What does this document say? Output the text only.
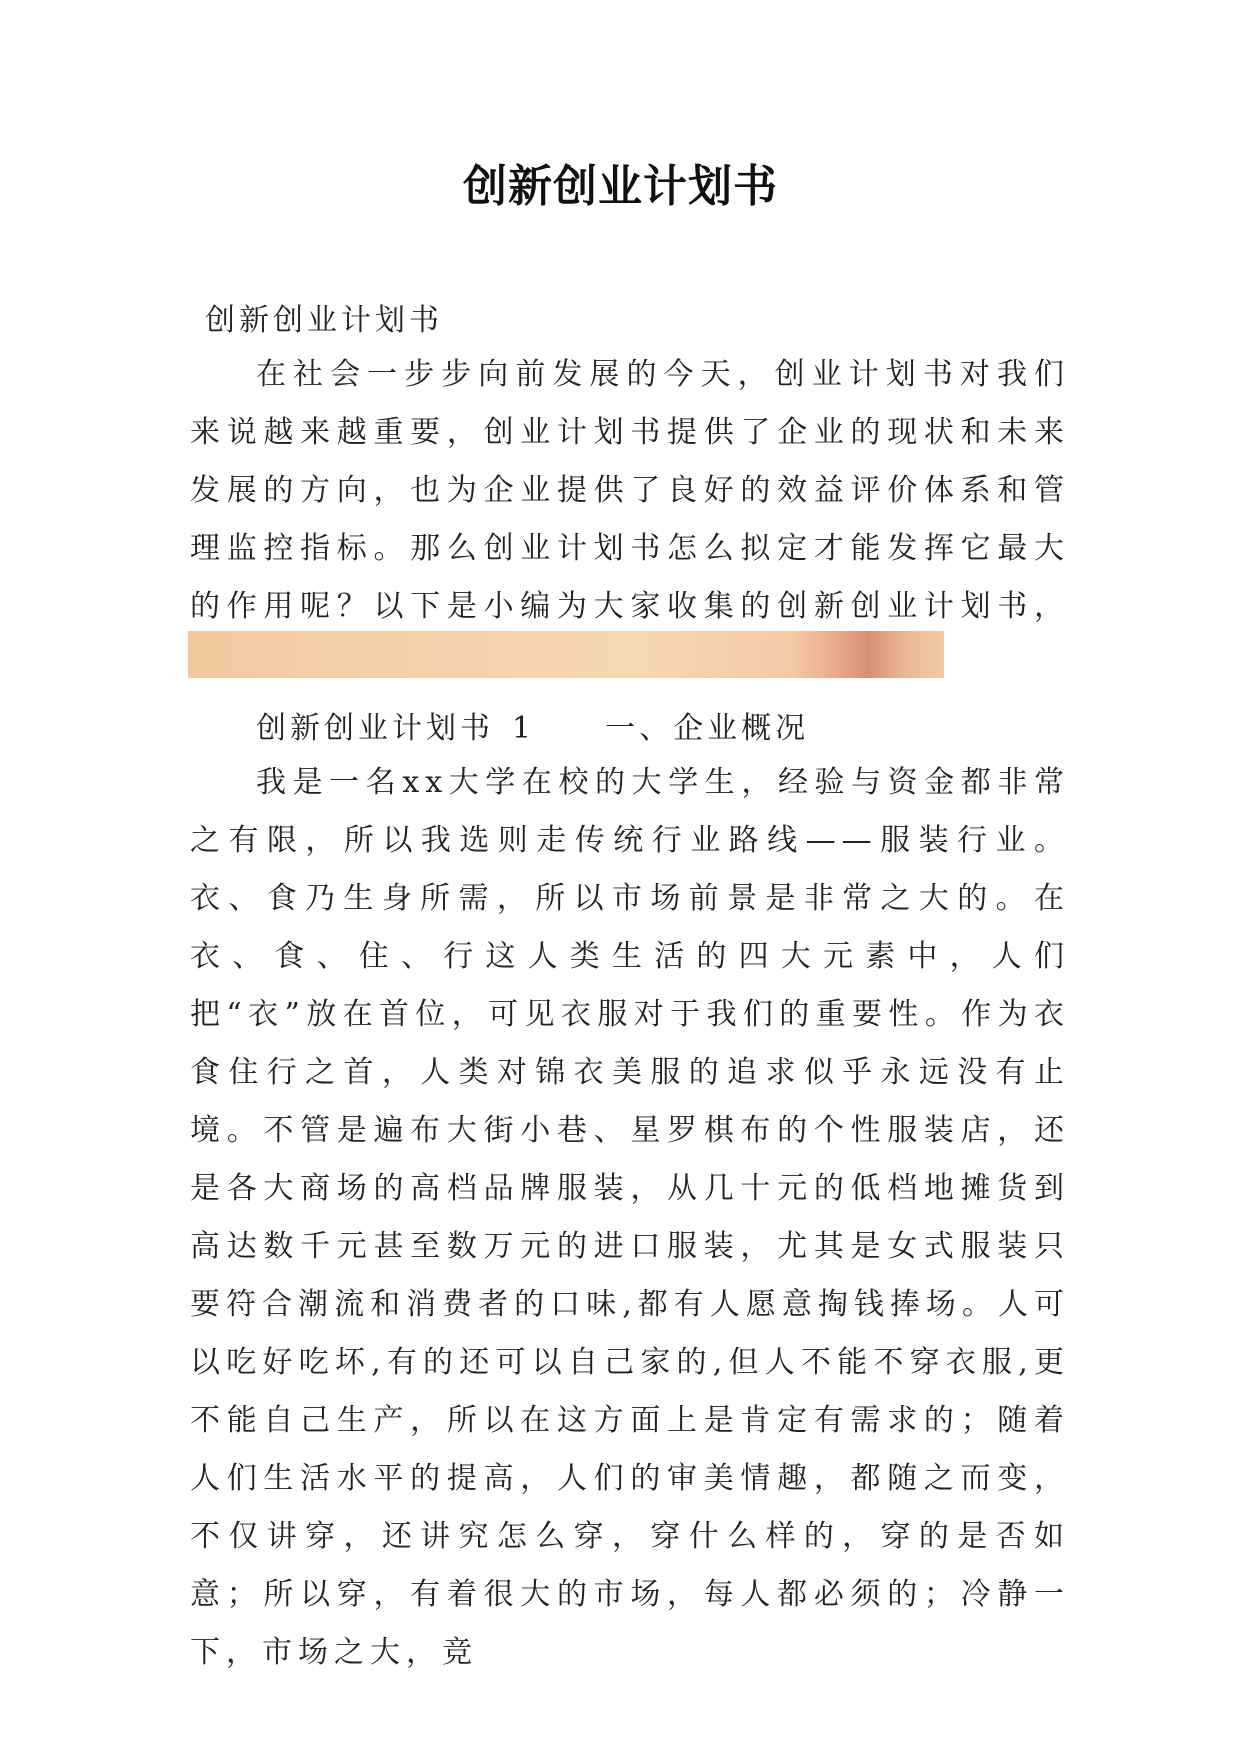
创新创业计划书

创新创业计划书

在社会一步步向前发展的今天，创业计划书对我们来说越来越重要，创业计划书提供了企业的现状和未来发展的方向，也为企业提供了良好的效益评价体系和管理监控指标。那么创业计划书怎么拟定才能发挥它最大的作用呢？以下是小编为大家收集的创新创业计划书，

创新创业计划书 1 一、企业概况

我是一名xx大学在校的大学生，经验与资金都非常之有限，所以我选则走传统行业路线——服装行业。衣、食乃生身所需，所以市场前景是非常之大的。在衣、食、住、行这人类生活的四大元素中，人们把“衣”放在首位，可见衣服对于我们的重要性。作为衣食住行之首，人类对锦衣美服的追求似乎永远没有止境。不管是遍布大街小巷、星罗棋布的个性服装店，还是各大商场的高档品牌服装，从几十元的低档地摊货到高达数千元甚至数万元的进口服装，尤其是女式服装只要符合潮流和消费者的口味,都有人愿意掏钱捧场。人可以吃好吃坏,有的还可以自己家的,但人不能不穿衣服,更不能自己生产，所以在这方面上是肯定有需求的；随着人们生活水平的提高，人们的审美情趣，都随之而变，不仅讲穿，还讲究怎么穿，穿什么样的，穿的是否如意；所以穿，有着很大的市场，每人都必须的；冷静一下，市场之大，竞
